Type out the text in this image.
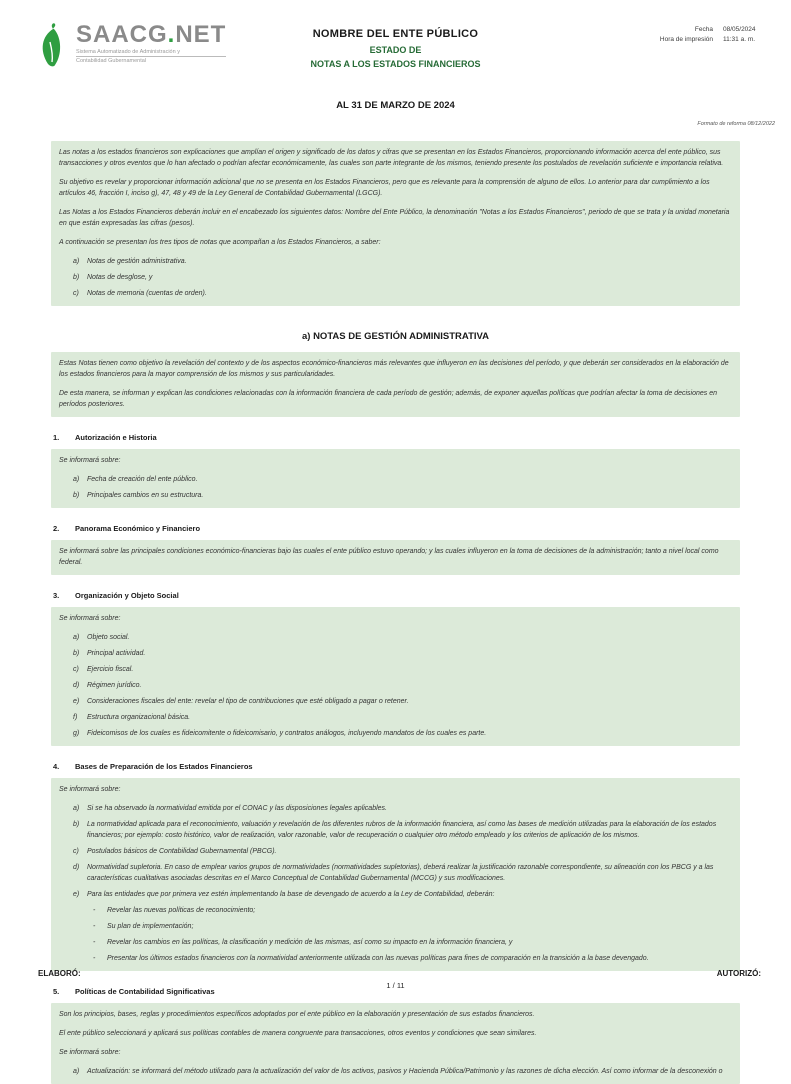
SAACG.NET
Sistema Automatizado de Administración y
Contabilidad Gubernamental
NOMBRE DEL ENTE PÚBLICO
ESTADO DE
NOTAS A LOS ESTADOS FINANCIEROS
Fecha 08/05/2024
Hora de impresión 11:31 a. m.
AL 31 DE MARZO DE 2024
Formato de reforma 08/12/2022

Las notas a los estados financieros son explicaciones que amplían el origen y significado de los datos y cifras que se presentan en los Estados Financieros, proporcionando información acerca del ente público, sus transacciones y otros eventos que lo han afectado o podrían afectar económicamente, las cuales son parte integrante de los mismos, teniendo presente los postulados de revelación suficiente e importancia relativa.

Su objetivo es revelar y proporcionar información adicional que no se presenta en los Estados Financieros, pero que es relevante para la comprensión de alguno de ellos. Lo anterior para dar cumplimiento a los artículos 46, fracción I, inciso g), 47, 48 y 49 de la Ley General de Contabilidad Gubernamental (LGCG).

Las Notas a los Estados Financieros deberán incluir en el encabezado los siguientes datos: Nombre del Ente Público, la denominación "Notas a los Estados Financieros", periodo de que se trata y la unidad monetaria en que están expresadas las cifras (pesos).

A continuación se presentan los tres tipos de notas que acompañan a los Estados Financieros, a saber:

a)	Notas de gestión administrativa.
b)	Notas de desglose, y
c)	Notas de memoria (cuentas de orden).
a) NOTAS DE GESTIÓN ADMINISTRATIVA

Estas Notas tienen como objetivo la revelación del contexto y de los aspectos económico-financieros más relevantes que influyeron en las decisiones del período, y que deberán ser considerados en la elaboración de los estados financieros para la mayor comprensión de los mismos y sus particularidades.

De esta manera, se informan y explican las condiciones relacionadas con la información financiera de cada período de gestión; además, de exponer aquellas políticas que podrían afectar la toma de decisiones en períodos posteriores.

1.	Autorización e Historia

Se informará sobre:

a)	Fecha de creación del ente público.
b)	Principales cambios en su estructura.
2.	Panorama Económico y Financiero

Se informará sobre las principales condiciones económico-financieras bajo las cuales el ente público estuvo operando; y las cuales influyeron en la toma de decisiones de la administración; tanto a nivel local como federal.

3.	Organización y Objeto Social

Se informará sobre:

a)	Objeto social.
b)	Principal actividad.
c)	Ejercicio fiscal.
d)	Régimen jurídico.
e)	Consideraciones fiscales del ente: revelar el tipo de contribuciones que esté obligado a pagar o retener.
f)	Estructura organizacional básica.
g)	Fideicomisos de los cuales es fideicomitente o fideicomisario, y contratos análogos, incluyendo mandatos de los cuales es parte.
4.	Bases de Preparación de los Estados Financieros

Se informará sobre:

a)	Si se ha observado la normatividad emitida por el CONAC y las disposiciones legales aplicables.
b)	La normatividad aplicada para el reconocimiento, valuación y revelación de los diferentes rubros de la información financiera, así como las bases de medición utilizadas para la elaboración de los estados financieros; por ejemplo: costo histórico, valor de realización, valor razonable, valor de recuperación o cualquier otro método empleado y los criterios de aplicación de los mismos.
c)	Postulados básicos de Contabilidad Gubernamental (PBCG).
d)	Normatividad supletoria. En caso de emplear varios grupos de normatividades (normatividades supletorias), deberá realizar la justificación razonable correspondiente, su alineación con los PBCG y a las características cualitativas asociadas descritas en el Marco Conceptual de Contabilidad Gubernamental (MCCG) y sus modificaciones.
e)	Para las entidades que por primera vez estén implementando la base de devengado de acuerdo a la Ley de Contabilidad, deberán:
-	Revelar las nuevas políticas de reconocimiento;
-	Su plan de implementación;
-	Revelar los cambios en las políticas, la clasificación y medición de las mismas, así como su impacto en la información financiera, y
-	Presentar los últimos estados financieros con la normatividad anteriormente utilizada con las nuevas políticas para fines de comparación en la transición a la base devengado.
5.	Políticas de Contabilidad Significativas

Son los principios, bases, reglas y procedimientos específicos adoptados por el ente público en la elaboración y presentación de sus estados financieros.

El ente público seleccionará y aplicará sus políticas contables de manera congruente para transacciones, otros eventos y condiciones que sean similares.

Se informará sobre:

a)	Actualización: se informará del método utilizado para la actualización del valor de los activos, pasivos y Hacienda Pública/Patrimonio y las razones de dicha elección. Así como informar de la desconexión o
ELABORÓ:	AUTORIZÓ:
1 / 11
